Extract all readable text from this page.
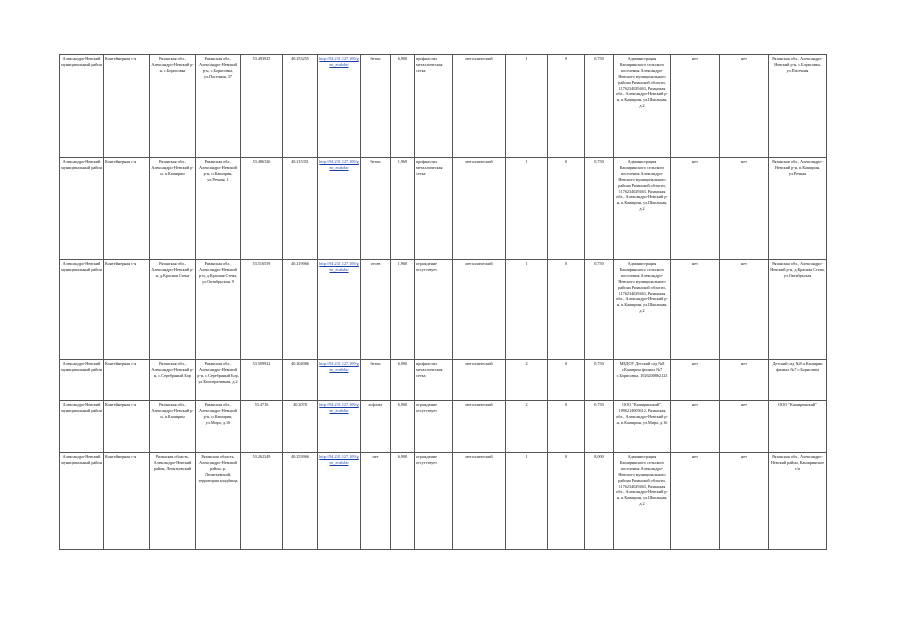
Александро-Невский муниципальный район	Контейнерная с-я	Рязанская обл., Александро-Невский р-н, с.Борисовка	Рязанская обл., Александро-Невский р-н, с.Борисовка, ул.Пасечная, 37	53.493925	40.253255	http://94.231.127.109/geo_ecalobo	бетон	6,900	профнастил металлическая сетка	металлический	1	0	0,750	Администрация Каширинского сельского поселения Александро-Невского муниципального района Рязанской области, 1176234029463, Рязанская обл., Александро-Невский р-н, п.Каширин, ул.Школьная, д.2	нет	нет	Рязанская обл., Александро-Невский р-н, с.Борисовка, ул.Пасечная
Александро-Невский муниципальный район	Контейнерная с-я	Рязанская обл., Александро-Невский р-н, п.Каширин	Рязанская обл., Александро-Невский р-н, п.Каширин, ул.Речная, 1	53.486326	40.215351	http://94.231.127.109/geo_ecalobo	бетон	1,969	профнастил металлическая сетка	металлический	1	0	0,750	Администрация Каширинского сельского поселения Александро-Невского муниципального района Рязанской области, 1176234029463, Рязанская обл., Александро-Невский р-н, п.Каширин, ул.Школьная, д.2	нет	нет	Рязанская обл., Александро-Невский р-н, п.Каширин, ул.Речная
Александро-Невский муниципальный район	Контейнерная с-я	Рязанская обл., Александро-Невский р-н, д.Красная Стена	Рязанская обл., Александро-Невский р-н, д.Красная Стена, ул.Октябрьская, 9	53.516559	40.219066	http://94.231.127.109/geo_ecalobo	отсев	1,960	ограждение отсутствует	металлический	1	0	0,750	Администрация Каширинского сельского поселения Александро-Невского муниципального района Рязанской области, 1176234029463, Рязанская обл., Александро-Невский р-н, п.Каширин, ул.Школьная, д.2	нет	нет	Рязанская обл., Александро-Невский р-н, д.Красная Стена, ул.Октябрьская
Александро-Невский муниципальный район	Контейнерная с-я	Рязанская обл., Александро-Невский р-н, с.Серебряный Бор	Рязанская обл., Александро-Невский р-н, с.Серебряный Бор, ул.Кооперативная, д.2	53.509922	40.204086	http://94.231.127.109/geo_ecalobo	бетон	6,900	профнастил металлическая сетка	металлический	2	0	0,750	МБДОУ Детский сад №8 г.Каширин филиал №7 с.Борисовка, 1026200862123	нет	нет	Детский сад №8 п.Каширин филиал №7 с.Борисовка
Александро-Невский муниципальный район	Контейнерная с-я	Рязанская обл., Александро-Невский р-н, п.Каширин	Рязанская обл., Александро-Невский р-н, п.Каширин, ул.Мира, д.16	53.4716	40.2078	http://94.231.127.109/geo_ecalobo	асфальт	6,900	ограждение отсутствует	металлический	2	0	0,750	ООО "Каширинский", 1096214005612, Рязанская обл., Александро-Невский р-н, п.Каширин, ул.Мира, д.16	нет	нет	ООО "Каширинский"
Александро-Невский муниципальный район	Контейнерная с-я	Рязанская область, Александро-Невский район, Леонтьевский	Рязанская область, Александро-Невский район, р. Леонтьевский, территория кладбища	53.262349	40.253966	http://94.231.127.109/geo_ecalobo	нет	6,900	ограждение отсутствует	металлический	1	0	8,000	Администрация Каширинского сельского поселения Александро-Невского муниципального района Рязанской области, 1176234029463, Рязанская обл., Александро-Невский р-н, п.Каширин, ул.Школьная, д.2	нет	нет	Рязанская обл., Александро-Невский район, Каширинское с/п
